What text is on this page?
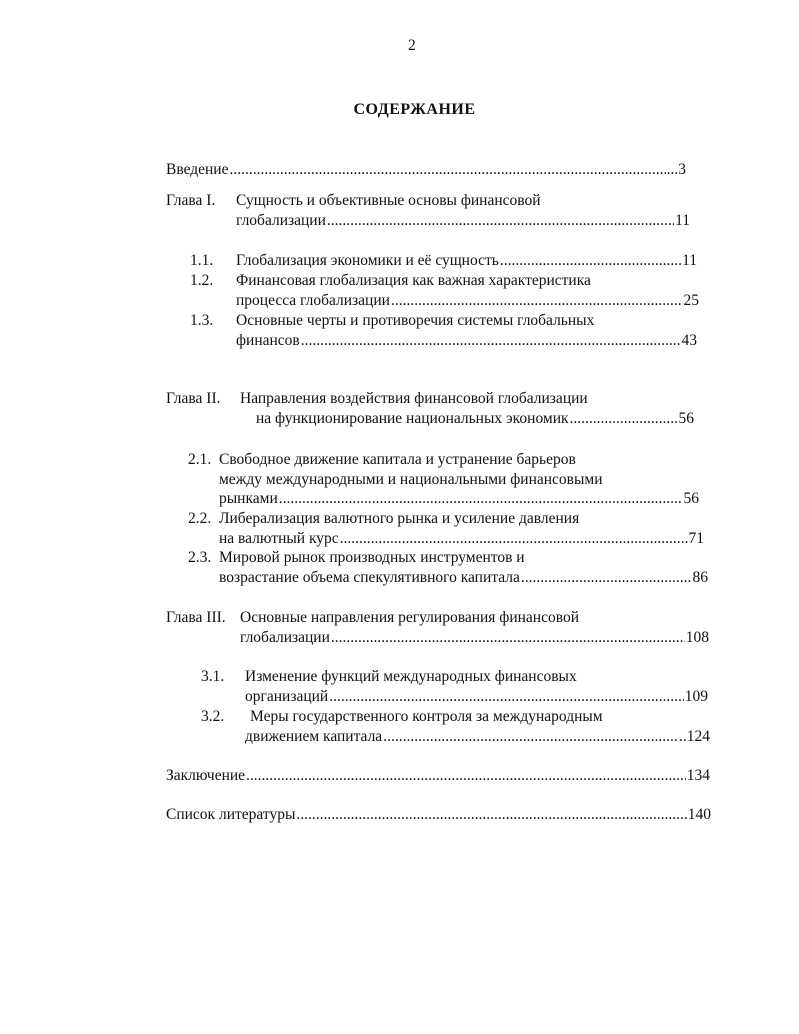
2
СОДЕРЖАНИЕ
Введение .....	...3
Глава I. Сущность и объективные основы финансовой
глобализации .....	11
1.1. Глобализация экономики и её сущность .....	11
1.2. Финансовая глобализация как важная характеристика
процесса глобализации .....	25
1.3. Основные черты и противоречия системы глобальных
финансов .....	43
Глава II. Направления воздействия финансовой глобализации
на функционирование национальных экономик .....	56
2.1. Свободное движение капитала и устранение барьеров
между международными и национальными финансовыми
рынками .....	56
2.2. Либерализация валютного рынка и усиление давления
на валютный курс .....	..71
2.3. Мировой рынок производных инструментов и
возрастание объема спекулятивного капитала .....	86
Глава III. Основные направления регулирования финансовой
глобализации .....	108
3.1. Изменение функций международных финансовых
организаций .....	109
3.2. Меры государственного контроля за международным
движением капитала .....	..124
Заключение .....	134
Список литературы .....	..140
